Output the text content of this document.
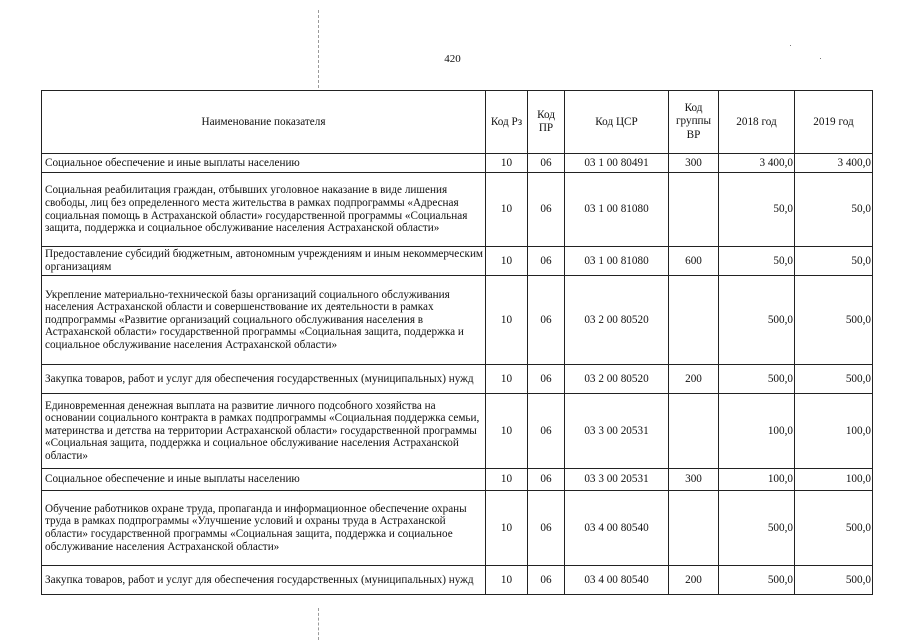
420
Наименование показателя	Код Рз	Код ПР	Код ЦСР	Код группы ВР	2018 год	2019 год
Социальное обеспечение и иные выплаты населению	10	06	03 1 00 80491	300	3 400,0	3 400,0
Социальная реабилитация граждан, отбывших уголовное наказание в виде лишения свободы, лиц без определенного места жительства в рамках подпрограммы «Адресная социальная помощь в Астраханской области» государственной программы «Социальная защита, поддержка и социальное обслуживание населения Астраханской области»	10	06	03 1 00 81080		50,0	50,0
Предоставление субсидий бюджетным, автономным учреждениям и иным некоммерческим организациям	10	06	03 1 00 81080	600	50,0	50,0
Укрепление материально-технической базы организаций социального обслуживания населения Астраханской области и совершенствование их деятельности в рамках подпрограммы «Развитие организаций социального обслуживания населения в Астраханской области» государственной программы «Социальная защита, поддержка и социальное обслуживание населения Астраханской области»	10	06	03 2 00 80520		500,0	500,0
Закупка товаров, работ и услуг для обеспечения государственных (муниципальных) нужд	10	06	03 2 00 80520	200	500,0	500,0
Единовременная денежная выплата на развитие личного подсобного хозяйства на основании социального контракта в рамках подпрограммы «Социальная поддержка семьи, материнства и детства на территории Астраханской области» государственной программы «Социальная защита, поддержка и социальное обслуживание населения Астраханской области»	10	06	03 3 00 20531		100,0	100,0
Социальное обеспечение и иные выплаты населению	10	06	03 3 00 20531	300	100,0	100,0
Обучение работников охране труда, пропаганда и информационное обеспечение охраны труда в рамках подпрограммы «Улучшение условий и охраны труда в Астраханской области» государственной программы «Социальная защита, поддержка и социальное обслуживание населения Астраханской области»	10	06	03 4 00 80540		500,0	500,0
Закупка товаров, работ и услуг для обеспечения государственных (муниципальных) нужд	10	06	03 4 00 80540	200	500,0	500,0
